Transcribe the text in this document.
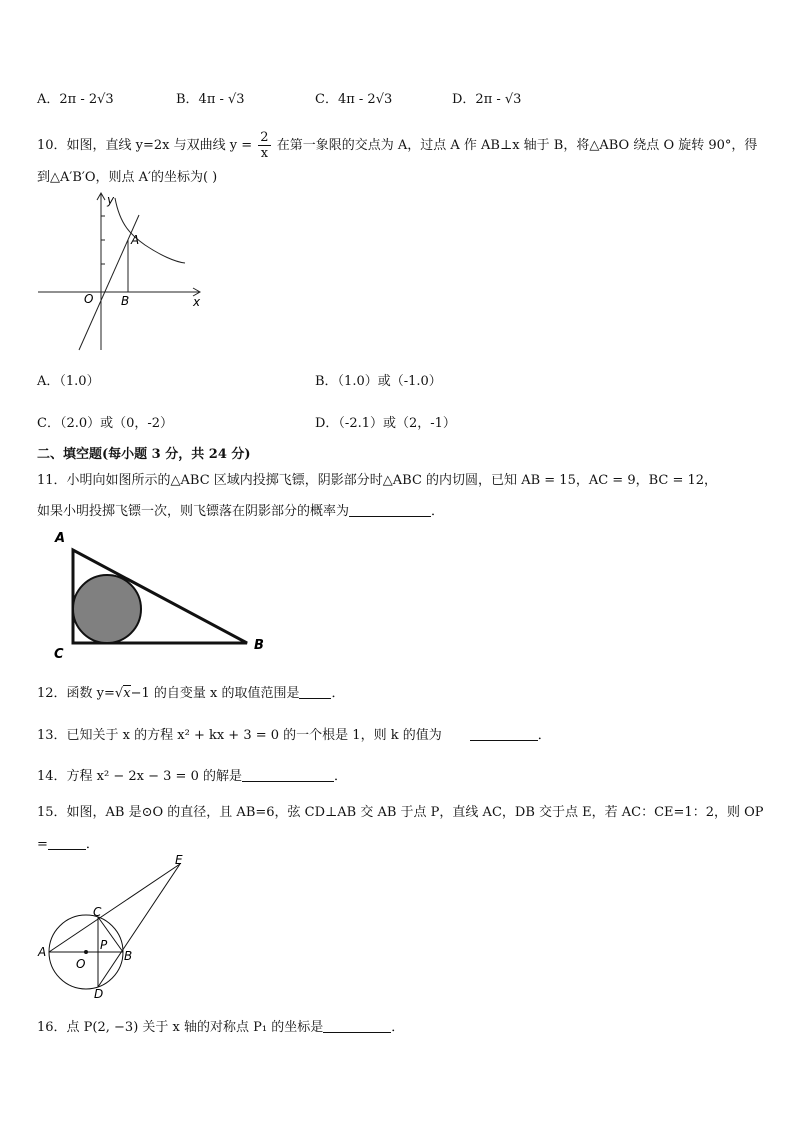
A．2π - 2√3	B．4π - √3	C．4π - 2√3	D．2π - √3
10．如图，直线 y=2x 与双曲线 $y = \frac{2}{x}$ 在第一象限的交点为 A，过点 A 作 AB⊥x 轴于 B，将△ABO 绕点 O 旋转 90°，得
到△A′B′O，则点 A′的坐标为( )
y
x
O
A
B
A．（1.0）	B．（1.0）或（-1.0）
C．（2.0）或（0，-2）	D．（-2.1）或（2，-1）
二、填空题(每小题 3 分，共 24 分)
11．小明向如图所示的△ABC 区域内投掷飞镖，阴影部分时△ABC 的内切圆，已知 AB = 15，AC = 9，BC = 12，
如果小明投掷飞镖一次，则飞镖落在阴影部分的概率为	．
A
B
C
12．函数 y=√x−1 的自变量 x 的取值范围是 ．
13．已知关于 x 的方程 x² + kx + 3 = 0 的一个根是 1，则 k 的值为	．
14．方程 x² − 2x − 3 = 0 的解是	．
15．如图，AB 是⊙O 的直径，且 AB=6，弦 CD⊥AB 交 AB 于点 P，直线 AC，DB 交于点 E，若 AC：CE=1：2，则 OP
=	．
E
C
A	P
O
B
D
16．点 P(2, −3) 关于 x 轴的对称点 P₁ 的坐标是	．
